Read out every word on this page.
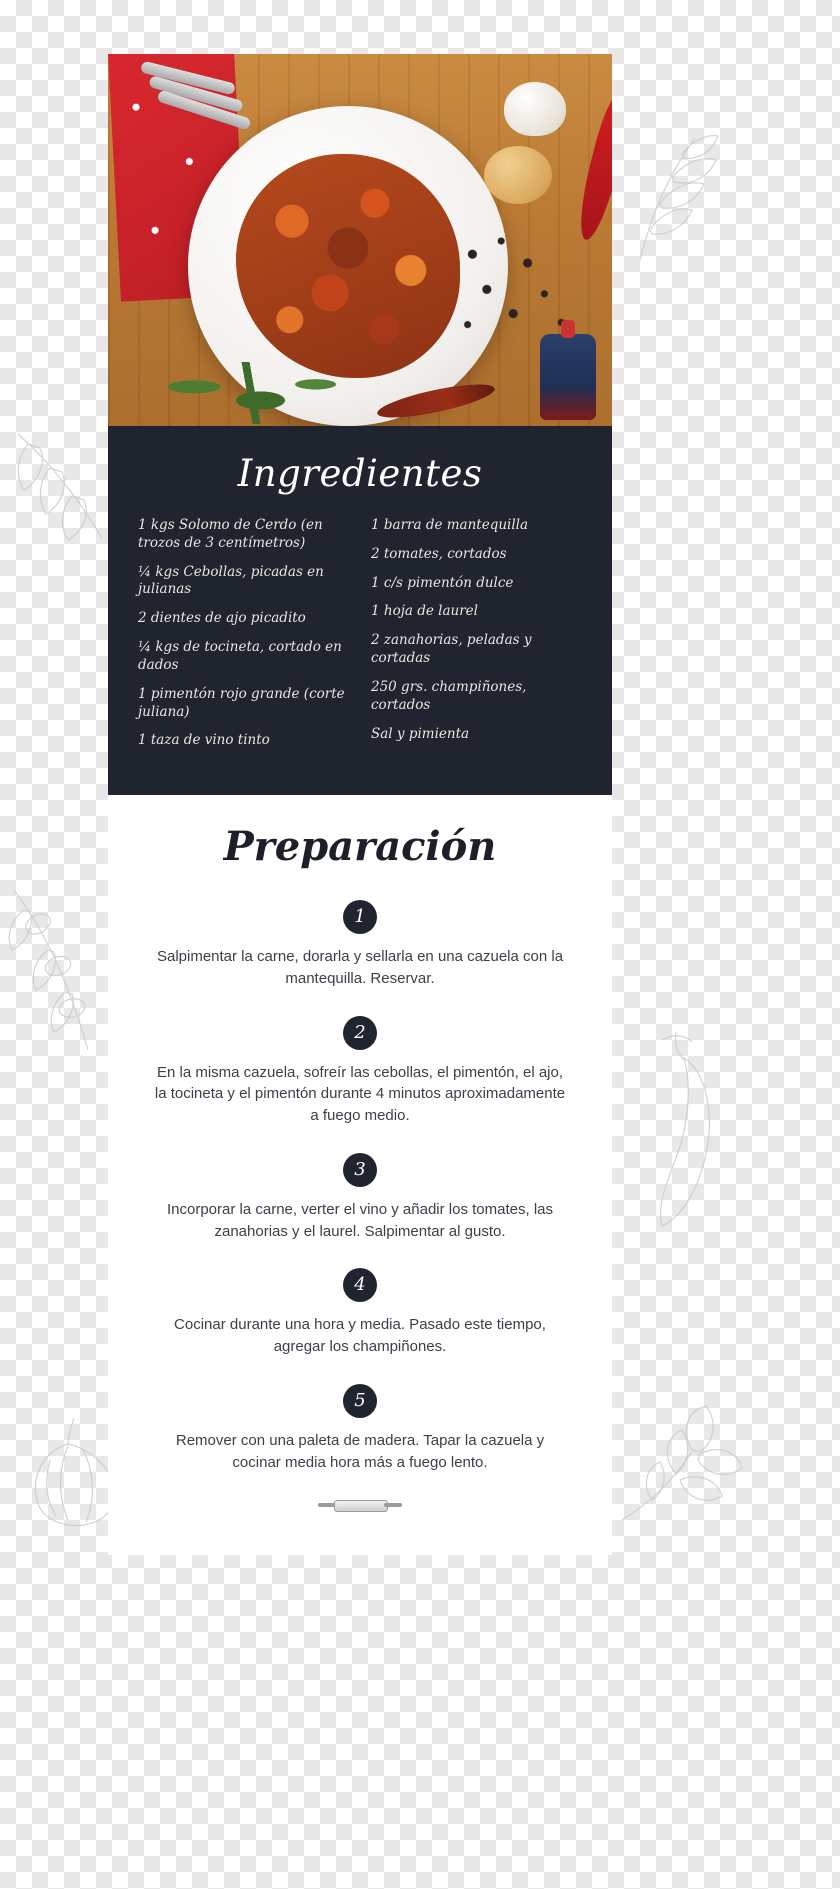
Ingredientes

1 kgs Solomo de Cerdo (en trozos de 3 centímetros)

¼ kgs Cebollas, picadas en julianas

2 dientes de ajo picadito

¼ kgs de tocineta, cortado en dados

1 pimentón rojo grande (corte juliana)

1 taza de vino tinto

1 barra de mantequilla

2 tomates, cortados

1 c/s pimentón dulce

1 hoja de laurel

2 zanahorias, peladas y cortadas

250 grs. champiñones, cortados

Sal y pimienta

Preparación
1

Salpimentar la carne, dorarla y sellarla en una cazuela con la mantequilla. Reservar.

2

En la misma cazuela, sofreír las cebollas, el pimentón, el ajo, la tocineta y el pimentón durante 4 minutos aproximadamente a fuego medio.

3

Incorporar la carne, verter el vino y añadir los tomates, las zanahorias y el laurel. Salpimentar al gusto.

4

Cocinar durante una hora y media. Pasado este tiempo, agregar los champiñones.

5

Remover con una paleta de madera. Tapar la cazuela y cocinar media hora más a fuego lento.
